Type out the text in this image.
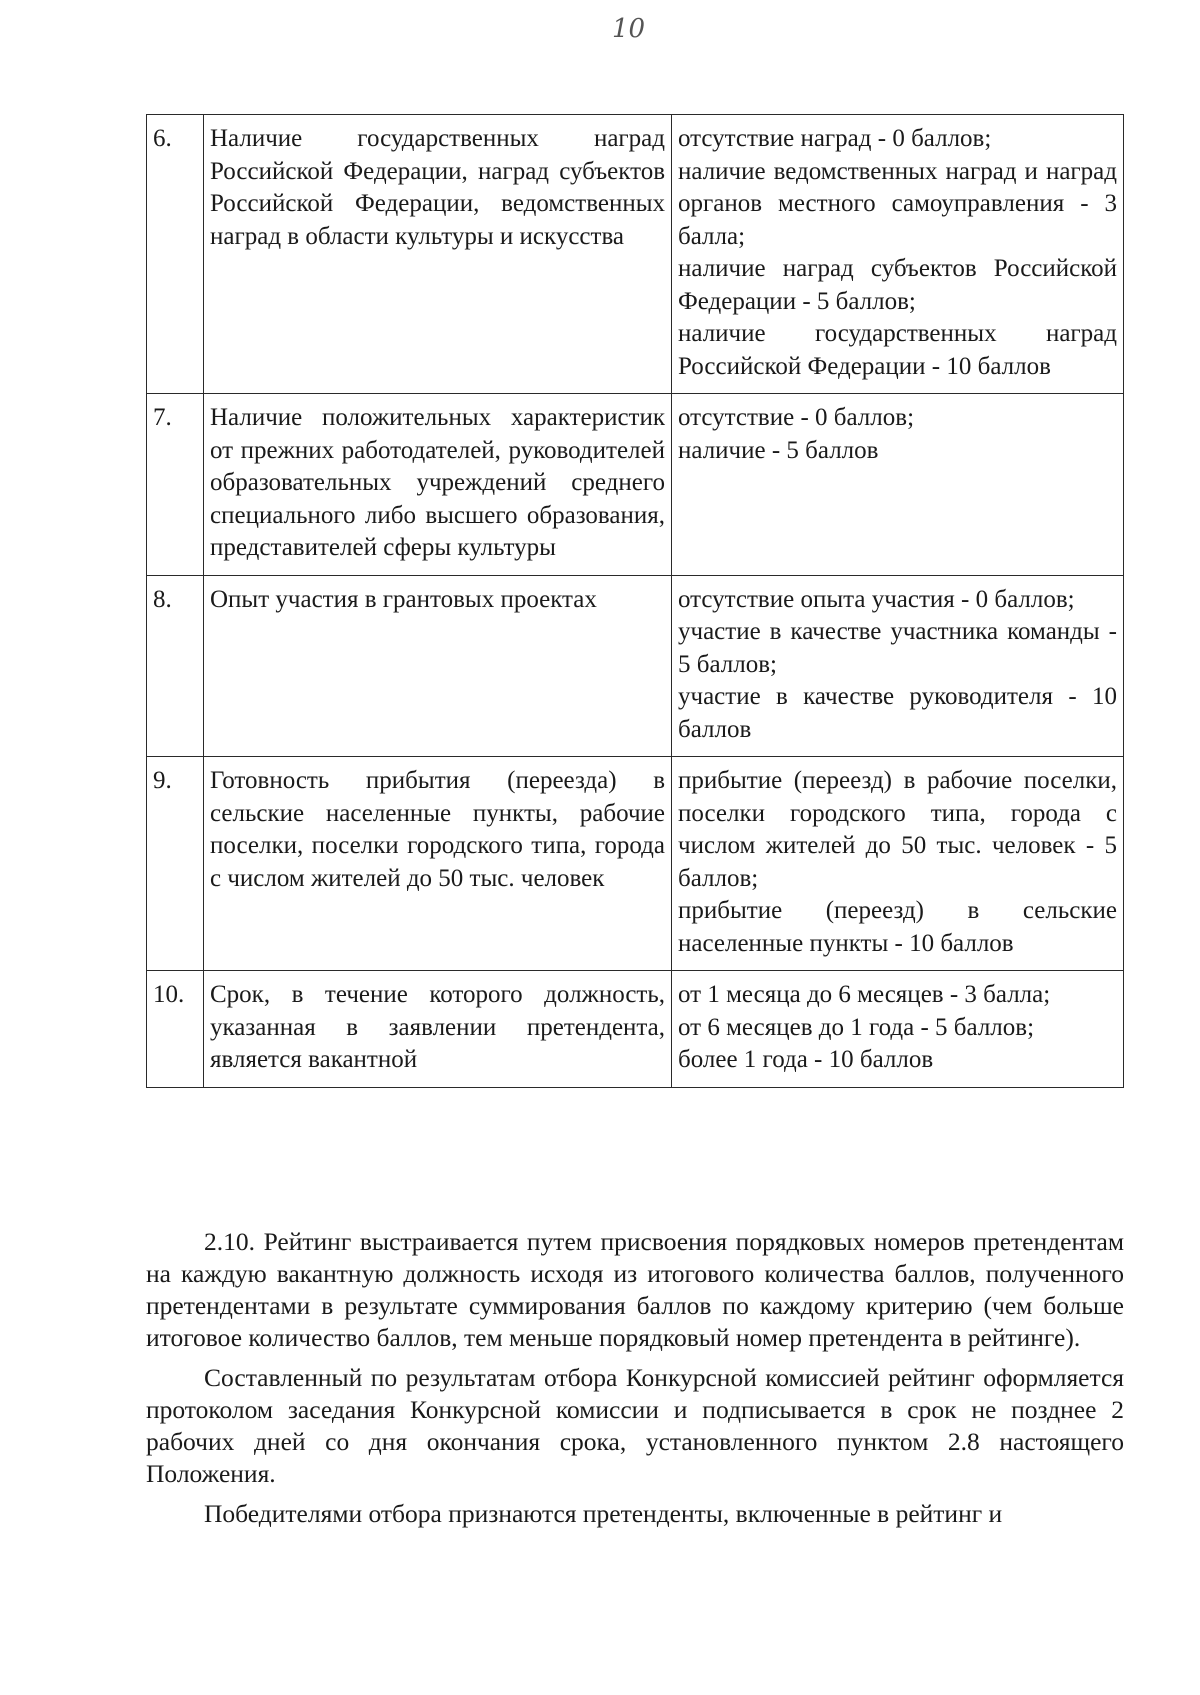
10
6.	Наличие государственных наград Российской Федерации, наград субъектов Российской Федерации, ведомственных наград в области культуры и искусства	отсутствие наград - 0 баллов;
наличие ведомственных наград и наград органов местного самоуправления - 3 балла;
наличие наград субъектов Российской Федерации - 5 баллов;
наличие государственных наград Российской Федерации - 10 баллов

7.	Наличие положительных характеристик от прежних работодателей, руководителей образовательных учреждений среднего специального либо высшего образования, представителей сферы культуры	отсутствие - 0 баллов;
наличие - 5 баллов

8.	Опыт участия в грантовых проектах	отсутствие опыта участия - 0 баллов;
участие в качестве участника команды - 5 баллов;
участие в качестве руководителя - 10 баллов

9.	Готовность прибытия (переезда) в сельские населенные пункты, рабочие поселки, поселки городского типа, города с числом жителей до 50 тыс. человек	прибытие (переезд) в рабочие поселки, поселки городского типа, города с числом жителей до 50 тыс. человек - 5 баллов;
прибытие (переезд) в сельские населенные пункты - 10 баллов

10.	Срок, в течение которого должность, указанная в заявлении претендента, является вакантной	от 1 месяца до 6 месяцев - 3 балла;
от 6 месяцев до 1 года - 5 баллов;
более 1 года - 10 баллов

2.10. Рейтинг выстраивается путем присвоения порядковых номеров претендентам на каждую вакантную должность исходя из итогового количества баллов, полученного претендентами в результате суммирования баллов по каждому критерию (чем больше итоговое количество баллов, тем меньше порядковый номер претендента в рейтинге).

Составленный по результатам отбора Конкурсной комиссией рейтинг оформляется протоколом заседания Конкурсной комиссии и подписывается в срок не позднее 2 рабочих дней со дня окончания срока, установленного пунктом 2.8 настоящего Положения.

Победителями отбора признаются претенденты, включенные в рейтинг и
